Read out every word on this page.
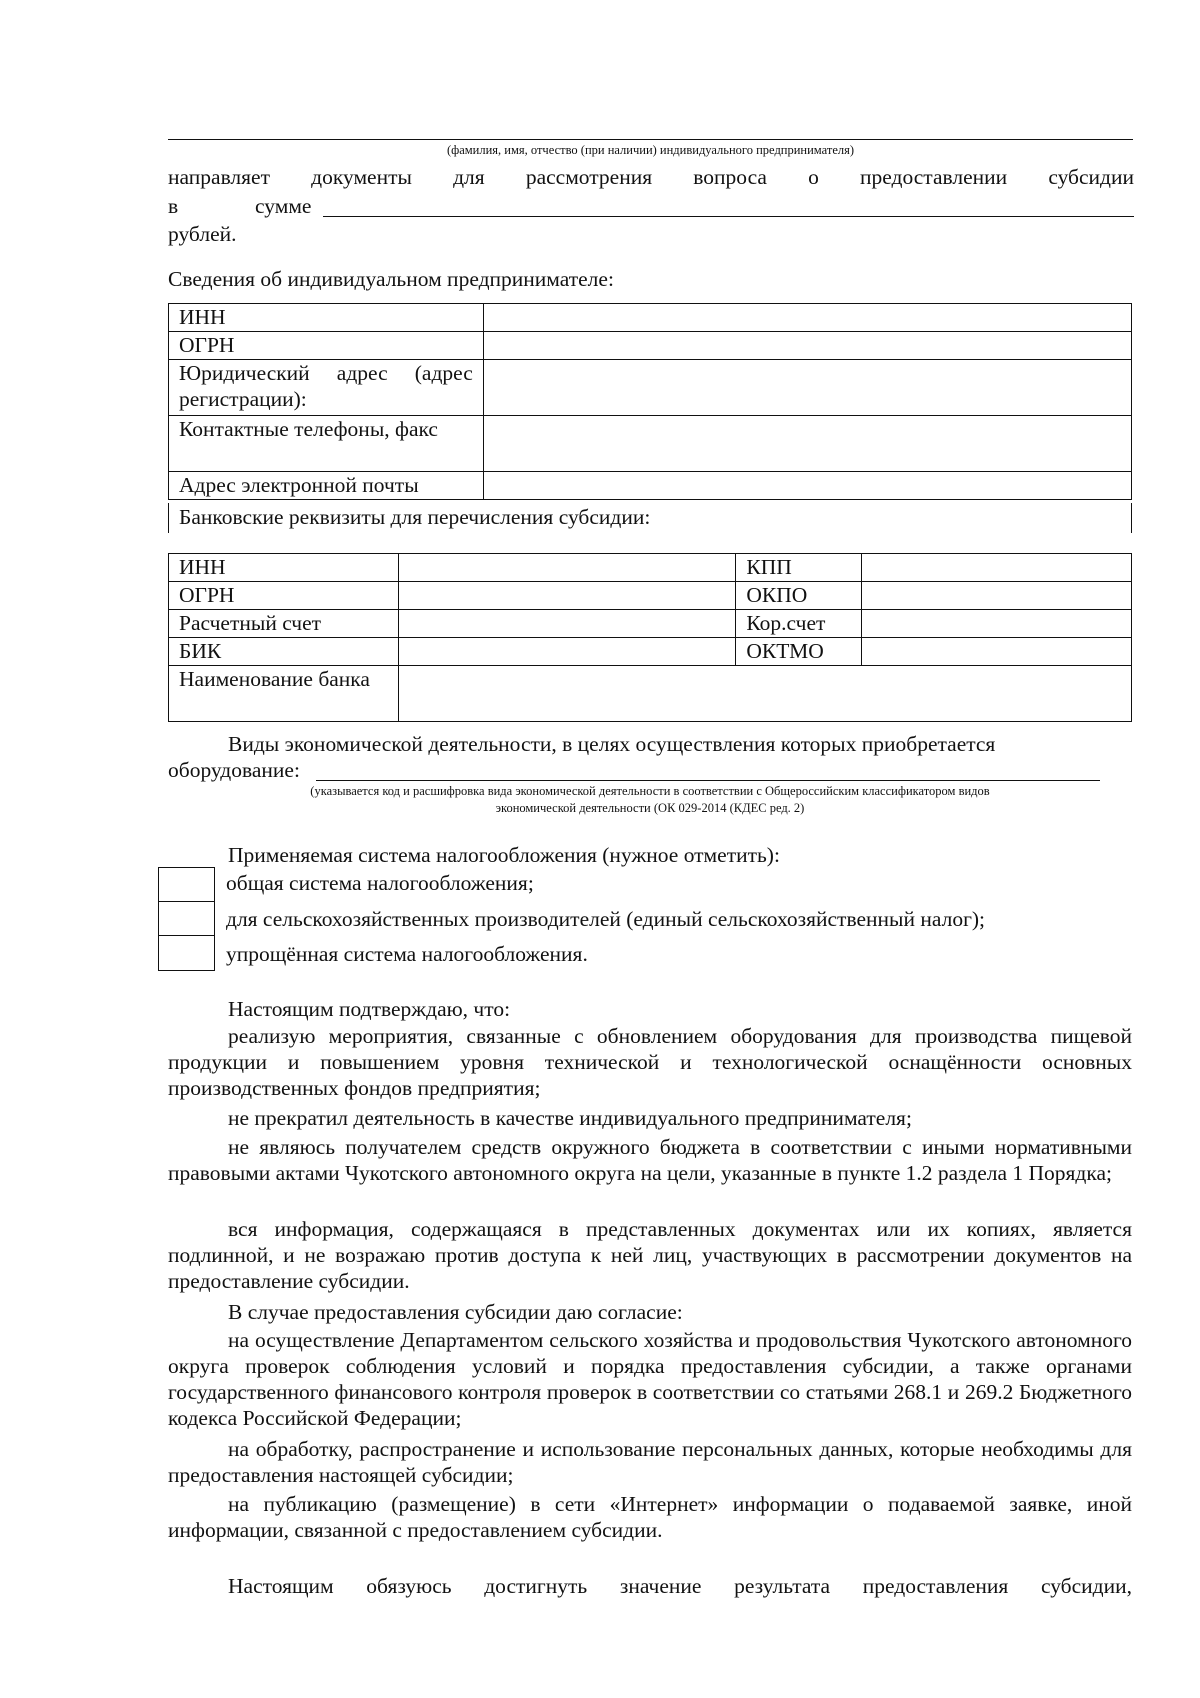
(фамилия, имя, отчество (при наличии) индивидуального предпринимателя)
направляет документы для рассмотрения вопроса о предоставлении субсидии
в	сумме
рублей.
Сведения об индивидуальном предпринимателе:
ИНН	
ОГРН	
Юридический адрес (адрес регистрации):	
Контактные телефоны, факс	
Адрес электронной почты	
Банковские реквизиты для перечисления субсидии:
ИНН		КПП	
ОГРН		ОКПО	
Расчетный счет		Кор.счет	
БИК		ОКТМО	
Наименование банка			
Виды экономической деятельности, в целях осуществления которых приобретается
оборудование:
(указывается код и расшифровка вида экономической деятельности в соответствии с Общероссийским классификатором видов
экономической деятельности (ОК 029-2014 (КДЕС ред. 2)
Применяемая система налогообложения (нужное отметить):
общая система налогообложения;
для сельскохозяйственных производителей (единый сельскохозяйственный налог);
упрощённая система налогообложения.
Настоящим подтверждаю, что:
реализую мероприятия, связанные с обновлением оборудования для производства пищевой продукции и повышением уровня технической и технологической оснащённости основных производственных фондов предприятия;
не прекратил деятельность в качестве индивидуального предпринимателя;
не являюсь получателем средств окружного бюджета в соответствии с иными нормативными правовыми актами Чукотского автономного округа на цели, указанные в пункте 1.2 раздела 1 Порядка;
вся информация, содержащаяся в представленных документах или их копиях, является подлинной, и не возражаю против доступа к ней лиц, участвующих в рассмотрении документов на предоставление субсидии.
В случае предоставления субсидии даю согласие:
на осуществление Департаментом сельского хозяйства и продовольствия Чукотского автономного округа проверок соблюдения условий и порядка предоставления субсидии, а также органами государственного финансового контроля проверок в соответствии со статьями 268.1 и 269.2 Бюджетного кодекса Российской Федерации;
на обработку, распространение и использование персональных данных, которые необходимы для предоставления настоящей субсидии;
на публикацию (размещение) в сети «Интернет» информации о подаваемой заявке, иной информации, связанной с предоставлением субсидии.
Настоящим обязуюсь достигнуть значение результата предоставления субсидии,
